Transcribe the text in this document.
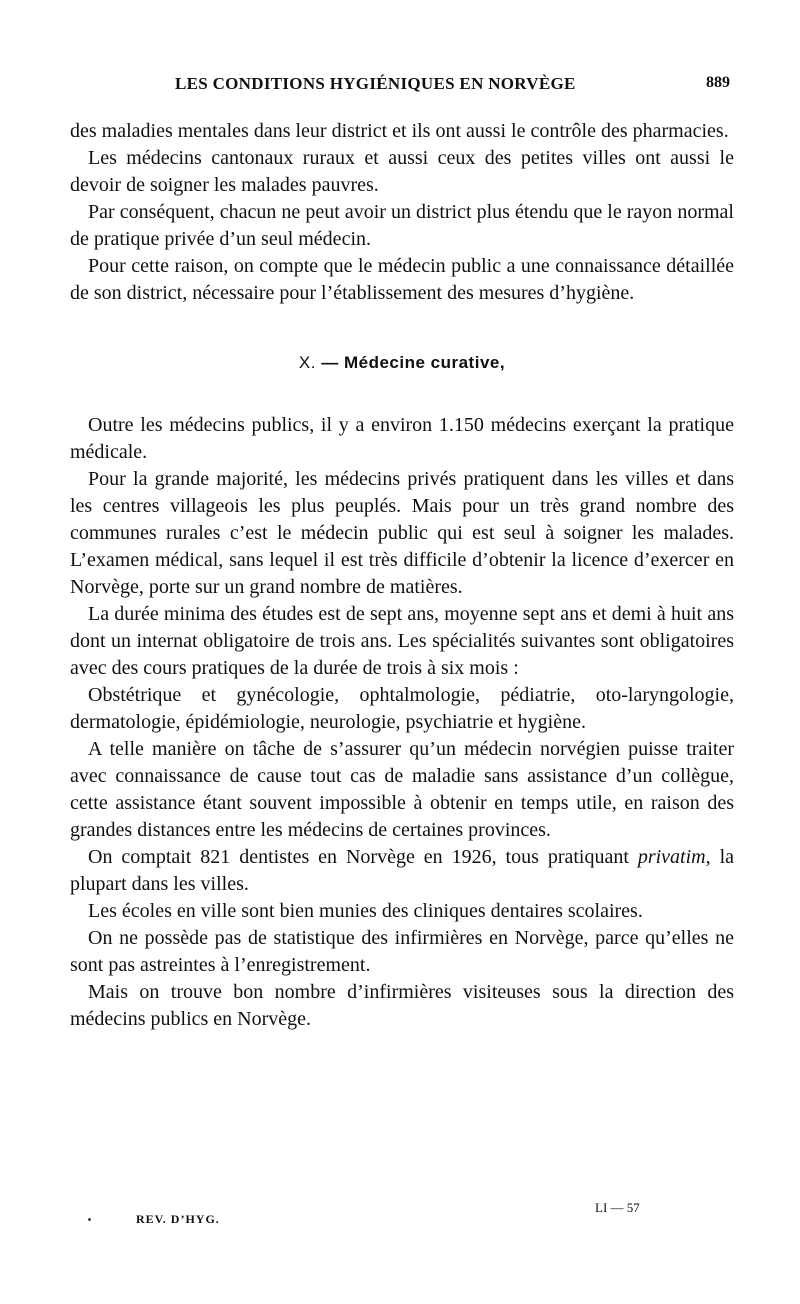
LES CONDITIONS HYGIÉNIQUES EN NORVÈGE	889

des maladies mentales dans leur district et ils ont aussi le contrôle des pharmacies.

Les médecins cantonaux ruraux et aussi ceux des petites villes ont aussi le devoir de soigner les malades pauvres.

Par conséquent, chacun ne peut avoir un district plus étendu que le rayon normal de pratique privée d’un seul médecin.

Pour cette raison, on compte que le médecin public a une connaissance détaillée de son district, nécessaire pour l’établissement des mesures d’hygiène.

X. — Médecine curative,

Outre les médecins publics, il y a environ 1.150 médecins exerçant la pratique médicale.

Pour la grande majorité, les médecins privés pratiquent dans les villes et dans les centres villageois les plus peuplés. Mais pour un très grand nombre des communes rurales c’est le médecin public qui est seul à soigner les malades. L’examen médical, sans lequel il est très difficile d’obtenir la licence d’exercer en Norvège, porte sur un grand nombre de matières.

La durée minima des études est de sept ans, moyenne sept ans et demi à huit ans dont un internat obligatoire de trois ans. Les spécialités suivantes sont obligatoires avec des cours pratiques de la durée de trois à six mois :

Obstétrique et gynécologie, ophtalmologie, pédiatrie, oto-laryngologie, dermatologie, épidémiologie, neurologie, psychiatrie et hygiène.

A telle manière on tâche de s’assurer qu’un médecin norvégien puisse traiter avec connaissance de cause tout cas de maladie sans assistance d’un collègue, cette assistance étant souvent impossible à obtenir en temps utile, en raison des grandes distances entre les médecins de certaines provinces.

On comptait 821 dentistes en Norvège en 1926, tous pratiquant privatim, la plupart dans les villes.

Les écoles en ville sont bien munies des cliniques dentaires scolaires.

On ne possède pas de statistique des infirmières en Norvège, parce qu’elles ne sont pas astreintes à l’enregistrement.

Mais on trouve bon nombre d’infirmières visiteuses sous la direction des médecins publics en Norvège.

REV. D’HYG.
LI — 57
